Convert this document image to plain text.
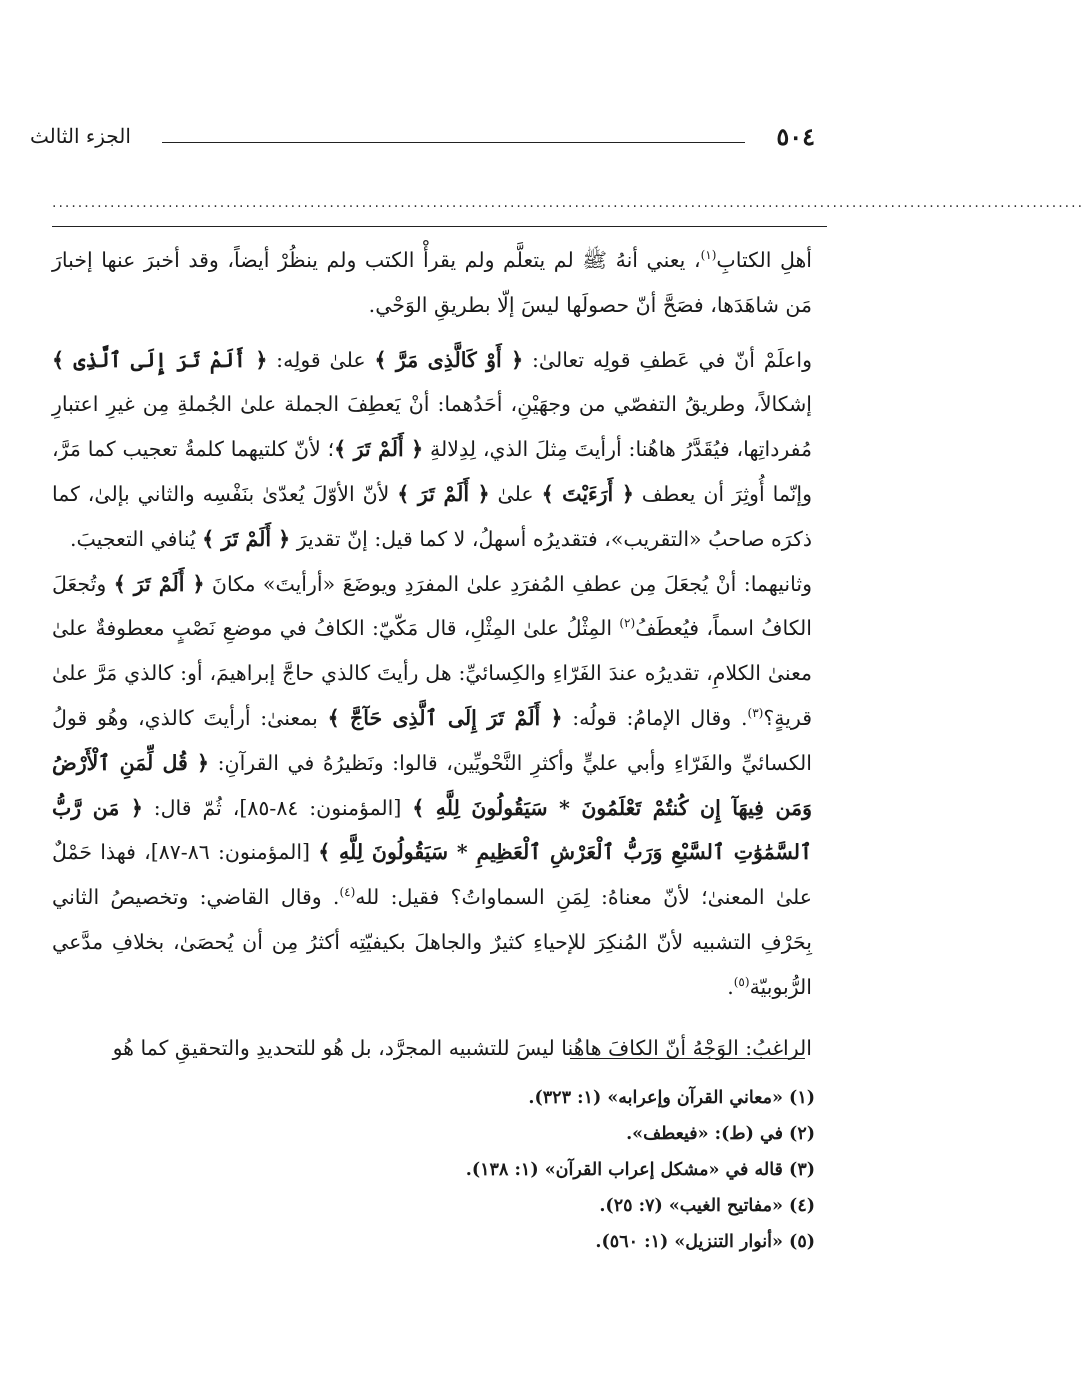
٥٠٤
الجزء الثالث
................................................................................................................................................................

أهلِ الكتابِ$^{(١)}$، يعني أنهُ ﷺ لم يتعلَّم ولم يقرأْ الكتب ولم ينظُرْ أيضاً، وقد أخبرَ عنها إخبارَ مَن شاهَدَها، فصَحَّ أنّ حصولَها ليسَ إلّا بطريقِ الوَحْي.

واعلَمْ أنّ في عَطفِ قولِه تعالىٰ: ﴿ أَوْ كَالَّذِى مَرَّ ﴾ علىٰ قولِه: ﴿ أَلَمْ تَرَ إِلَى ٱلَّذِى ﴾ إشكالاً، وطريقُ التفصّي من وجهَيْنِ، أحَدُهما: أنْ يَعطِفَ الجملة علىٰ الجُملةِ مِن غيرِ اعتبارِ مُفرداتِها، فيُقَدَّرُ هاهُنا: أرأيتَ مِثلَ الذي، لِدِلالةِ ﴿ أَلَمْ تَرَ ﴾؛ لأنّ كلتيهما كلمةُ تعجيب كما مَرَّ، وإنّما أُوثِرَ أن يعطف ﴿ أَرَءَيْتَ ﴾ علىٰ ﴿ أَلَمْ تَرَ ﴾ لأنّ الأوّلَ يُعدّىٰ بنَفْسِه والثاني بإلىٰ، كما ذكرَه صاحبُ «التقريب»، فتقديرُه أسهلُ، لا كما قيل: إنّ تقديرَ ﴿ أَلَمْ تَرَ ﴾ يُنافي التعجيبَ.

وثانيهما: أنْ يُجعَلَ مِن عطفِ المُفرَدِ علىٰ المفرَدِ ويوضَعَ «أرأيتَ» مكانَ ﴿ أَلَمْ تَرَ ﴾ وتُجعَلَ الكافُ اسماً، فيُعطَفُ$^{(٢)}$ المِثْلُ علىٰ المِثْلِ، قال مَكّيّ: الكافُ في موضعِ نَصْبٍ معطوفةٌ علىٰ معنىٰ الكلامِ، تقديرُه عندَ الفَرّاءِ والكِسائيِّ: هل رأيتَ كالذي حاجَّ إبراهيمَ، أو: كالذي مَرَّ علىٰ قريةٍ؟$^{(٣)}$. وقال الإمامُ: قولُه: ﴿ أَلَمْ تَرَ إِلَى ٱلَّذِى حَآجَّ ﴾ بمعنىٰ: أرأيتَ كالذي، وهُو قولُ الكسائيِّ والفَرّاءِ وأبي عليٍّ وأكثرِ النَّحْويِّين، قالوا: ونَظيرُهُ في القرآنِ: ﴿ قُل لِّمَنِ ٱلْأَرْضُ وَمَن فِيهَآ إِن كُنتُمْ تَعْلَمُونَ * سَيَقُولُونَ لِلَّهِ ﴾ [المؤمنون: ٨٤-٨٥]، ثُمّ قال: ﴿ مَن رَّبُّ ٱلسَّمَٰوَٰتِ ٱلسَّبْعِ وَرَبُّ ٱلْعَرْشِ ٱلْعَظِيمِ * سَيَقُولُونَ لِلَّهِ ﴾ [المؤمنون: ٨٦-٨٧]، فهذا حَمْلٌ علىٰ المعنىٰ؛ لأنّ معناهُ: لِمَنِ السماواتُ؟ فقيل: لله$^{(٤)}$. وقال القاضي: وتخصيصُ الثاني بِحَرْفِ التشبيه لأنّ المُنكِرَ للإحياءِ كثيرٌ والجاهلَ بكيفيّتِه أكثرُ مِن أن يُحصَىٰ، بخلافِ مدَّعي الرُّبوبيّة$^{(٥)}$.

الراغبُ: الوَجْهُ أنّ الكافَ هاهُنا ليسَ للتشبيه المجرَّد، بل هُو للتحديدِ والتحقيقِ كما هُو

(١) «معاني القرآن وإعرابه» (١: ٣٢٣).
(٢) في (ط): «فيعطف».
(٣) قاله في «مشكل إعراب القرآن» (١: ١٣٨).
(٤) «مفاتيح الغيب» (٧: ٢٥).
(٥) «أنوار التنزيل» (١: ٥٦٠).
